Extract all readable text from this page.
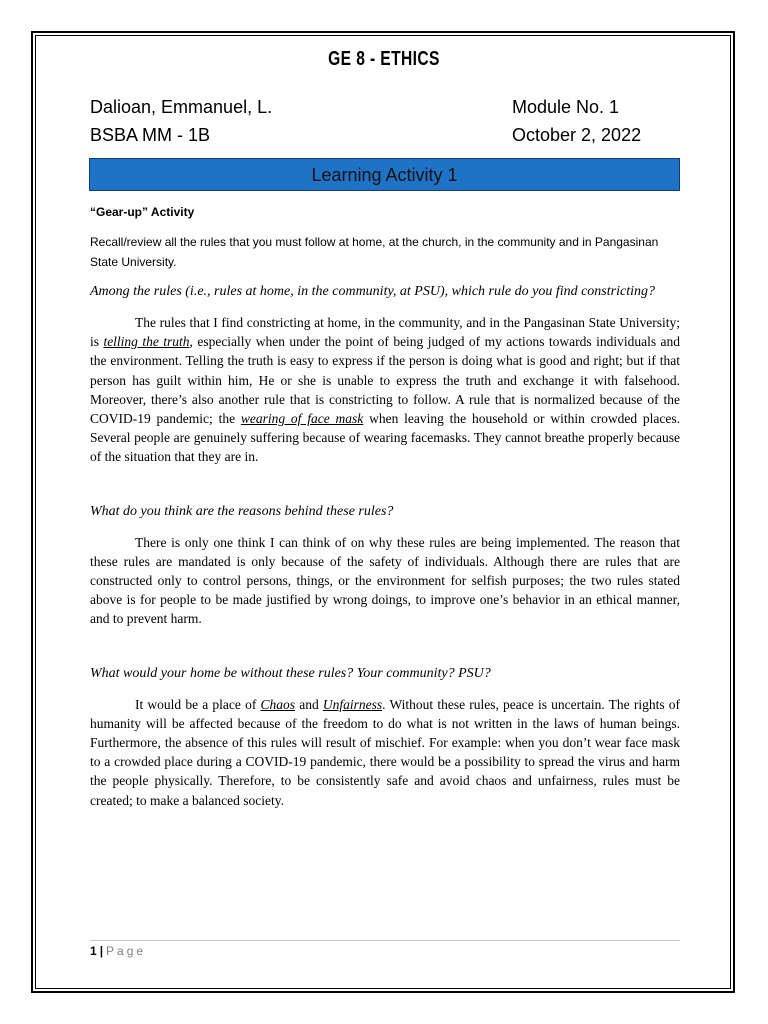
GE 8 - ETHICS
Dalioan, Emmanuel, L.
BSBA MM - 1B
Module No. 1
October 2, 2022
Learning Activity 1

“Gear-up” Activity

Recall/review all the rules that you must follow at home, at the church, in the community and in Pangasinan State University.

Among the rules (i.e., rules at home, in the community, at PSU), which rule do you find constricting?

The rules that I find constricting at home, in the community, and in the Pangasinan State University; is telling the truth, especially when under the point of being judged of my actions towards individuals and the environment. Telling the truth is easy to express if the person is doing what is good and right; but if that person has guilt within him, He or she is unable to express the truth and exchange it with falsehood. Moreover, there’s also another rule that is constricting to follow. A rule that is normalized because of the COVID-19 pandemic; the wearing of face mask when leaving the household or within crowded places. Several people are genuinely suffering because of wearing facemasks. They cannot breathe properly because of the situation that they are in.

What do you think are the reasons behind these rules?

There is only one think I can think of on why these rules are being implemented. The reason that these rules are mandated is only because of the safety of individuals. Although there are rules that are constructed only to control persons, things, or the environment for selfish purposes; the two rules stated above is for people to be made justified by wrong doings, to improve one’s behavior in an ethical manner, and to prevent harm.

What would your home be without these rules? Your community? PSU?

It would be a place of Chaos and Unfairness. Without these rules, peace is uncertain. The rights of humanity will be affected because of the freedom to do what is not written in the laws of human beings. Furthermore, the absence of this rules will result of mischief. For example: when you don’t wear face mask to a crowded place during a COVID-19 pandemic, there would be a possibility to spread the virus and harm the people physically. Therefore, to be consistently safe and avoid chaos and unfairness, rules must be created; to make a balanced society.

1 | Page
